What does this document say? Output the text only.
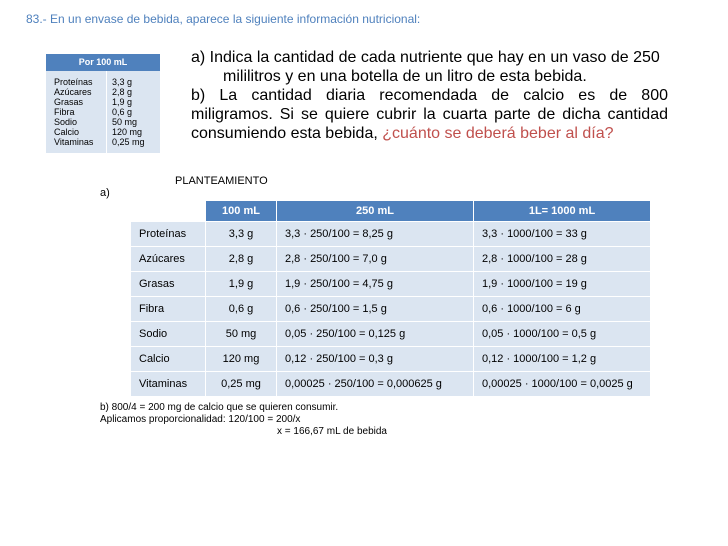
83.- En un envase de bebida, aparece la siguiente información nutricional:
Por 100 mL	

Proteínas	3,3 g
Azúcares	2,8 g
Grasas	1,9 g
Fibra	0,6 g
Sodio	50 mg
Calcio	120 mg
Vitaminas	0,25 mg

a) Indica la cantidad de cada nutriente que hay en un vaso de 250
mililitros y en una botella de un litro de esta bebida.
b) La cantidad diaria recomendada de calcio es de 800
miligramos. Si se quiere cubrir la cuarta parte de dicha cantidad
consumiendo esta bebida, ¿cuánto se deberá beber al día?
PLANTEAMIENTO
a)
	100 mL	250 mL	1L= 1000 mL
Proteínas	3,3 g	3,3 · 250/100 = 8,25 g	3,3 · 1000/100 = 33 g
Azúcares	2,8 g	2,8 · 250/100 = 7,0 g	2,8 · 1000/100 = 28 g
Grasas	1,9 g	1,9 · 250/100 = 4,75 g	1,9 · 1000/100 = 19 g
Fibra	0,6 g	0,6 · 250/100 = 1,5 g	0,6 · 1000/100 = 6 g
Sodio	50 mg	0,05 · 250/100 = 0,125 g	0,05 · 1000/100 = 0,5 g
Calcio	120 mg	0,12 · 250/100 = 0,3 g	0,12 · 1000/100 = 1,2 g
Vitaminas	0,25 mg	0,00025 · 250/100 = 0,000625 g	0,00025 · 1000/100 = 0,0025 g
b) 800/4 = 200 mg de calcio que se quieren consumir.
Aplicamos proporcionalidad: 120/100 = 200/x
x = 166,67 mL de bebida
